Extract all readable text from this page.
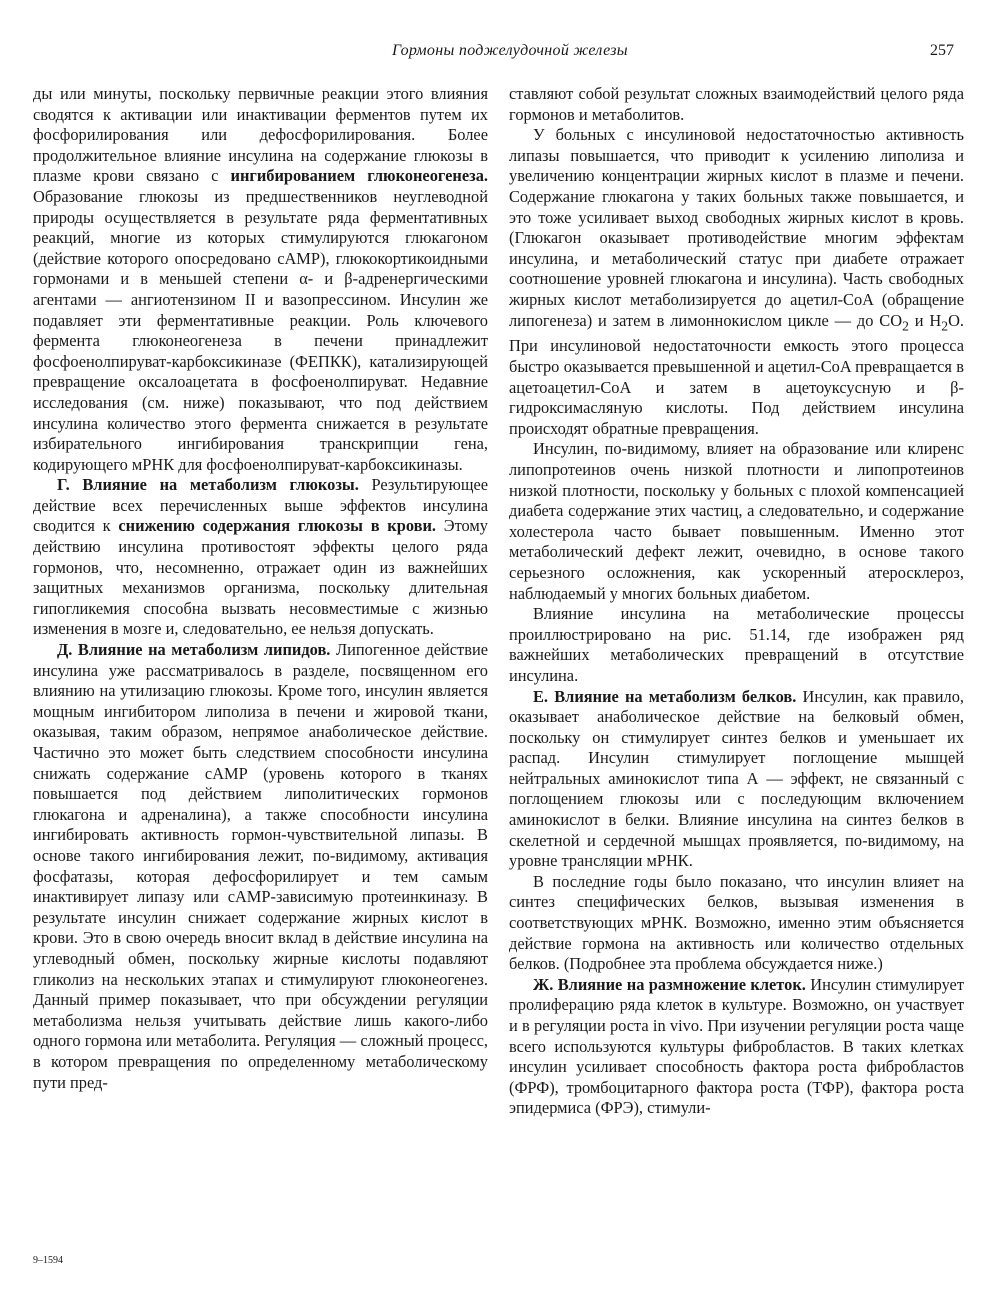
Гормоны поджелудочной железы	257

ды или минуты, поскольку первичные реакции этого влияния сводятся к активации или инактивации ферментов путем их фосфорилирования или дефосфорилирования. Более продолжительное влияние инсулина на содержание глюкозы в плазме крови связано с ингибированием глюконеогенеза. Образование глюкозы из предшественников неуглеводной природы осуществляется в результате ряда ферментативных реакций, многие из которых стимулируются глюкагоном (действие которого опосредовано cAMP), глюкокортикоидными гормонами и в меньшей степени α- и β-адренергическими агентами — ангиотензином II и вазопрессином. Инсулин же подавляет эти ферментативные реакции. Роль ключевого фермента глюконеогенеза в печени принадлежит фосфоенолпируват-карбоксикиназе (ФЕПКК), катализирующей превращение оксалоацетата в фосфоенолпируват. Недавние исследования (см. ниже) показывают, что под действием инсулина количество этого фермента снижается в результате избирательного ингибирования транскрипции гена, кодирующего мРНК для фосфоенолпируват-карбоксикиназы.

Г. Влияние на метаболизм глюкозы. Результирующее действие всех перечисленных выше эффектов инсулина сводится к снижению содержания глюкозы в крови. Этому действию инсулина противостоят эффекты целого ряда гормонов, что, несомненно, отражает один из важнейших защитных механизмов организма, поскольку длительная гипогликемия способна вызвать несовместимые с жизнью изменения в мозге и, следовательно, ее нельзя допускать.

Д. Влияние на метаболизм липидов. Липогенное действие инсулина уже рассматривалось в разделе, посвященном его влиянию на утилизацию глюкозы. Кроме того, инсулин является мощным ингибитором липолиза в печени и жировой ткани, оказывая, таким образом, непрямое анаболическое действие. Частично это может быть следствием способности инсулина снижать содержание cAMP (уровень которого в тканях повышается под действием липолитических гормонов глюкагона и адреналина), а также способности инсулина ингибировать активность гормон-чувствительной липазы. В основе такого ингибирования лежит, по-видимому, активация фосфатазы, которая дефосфорилирует и тем самым инактивирует липазу или cAMP-зависимую протеинкиназу. В результате инсулин снижает содержание жирных кислот в крови. Это в свою очередь вносит вклад в действие инсулина на углеводный обмен, поскольку жирные кислоты подавляют гликолиз на нескольких этапах и стимулируют глюконеогенез. Данный пример показывает, что при обсуждении регуляции метаболизма нельзя учитывать действие лишь какого-либо одного гормона или метаболита. Регуляция — сложный процесс, в котором превращения по определенному метаболическому пути пред-

ставляют собой результат сложных взаимодействий целого ряда гормонов и метаболитов.

У больных с инсулиновой недостаточностью активность липазы повышается, что приводит к усилению липолиза и увеличению концентрации жирных кислот в плазме и печени. Содержание глюкагона у таких больных также повышается, и это тоже усиливает выход свободных жирных кислот в кровь. (Глюкагон оказывает противодействие многим эффектам инсулина, и метаболический статус при диабете отражает соотношение уровней глюкагона и инсулина). Часть свободных жирных кислот метаболизируется до ацетил-CoA (обращение липогенеза) и затем в лимоннокислом цикле — до $CO_2$ и $H_2O$. При инсулиновой недостаточности емкость этого процесса быстро оказывается превышенной и ацетил-CoA превращается в ацетоацетил-CoA и затем в ацетоуксусную и β-гидроксимасляную кислоты. Под действием инсулина происходят обратные превращения.

Инсулин, по-видимому, влияет на образование или клиренс липопротеинов очень низкой плотности и липопротеинов низкой плотности, поскольку у больных с плохой компенсацией диабета содержание этих частиц, а следовательно, и содержание холестерола часто бывает повышенным. Именно этот метаболический дефект лежит, очевидно, в основе такого серьезного осложнения, как ускоренный атеросклероз, наблюдаемый у многих больных диабетом.

Влияние инсулина на метаболические процессы проиллюстрировано на рис. 51.14, где изображен ряд важнейших метаболических превращений в отсутствие инсулина.

Е. Влияние на метаболизм белков. Инсулин, как правило, оказывает анаболическое действие на белковый обмен, поскольку он стимулирует синтез белков и уменьшает их распад. Инсулин стимулирует поглощение мышцей нейтральных аминокислот типа А — эффект, не связанный с поглощением глюкозы или с последующим включением аминокислот в белки. Влияние инсулина на синтез белков в скелетной и сердечной мышцах проявляется, по-видимому, на уровне трансляции мРНК.

В последние годы было показано, что инсулин влияет на синтез специфических белков, вызывая изменения в соответствующих мРНК. Возможно, именно этим объясняется действие гормона на активность или количество отдельных белков. (Подробнее эта проблема обсуждается ниже.)

Ж. Влияние на размножение клеток. Инсулин стимулирует пролиферацию ряда клеток в культуре. Возможно, он участвует и в регуляции роста in vivo. При изучении регуляции роста чаще всего используются культуры фибробластов. В таких клетках инсулин усиливает способность фактора роста фибробластов (ФРФ), тромбоцитарного фактора роста (ТФР), фактора роста эпидермиса (ФРЭ), стимули-

9–1594
